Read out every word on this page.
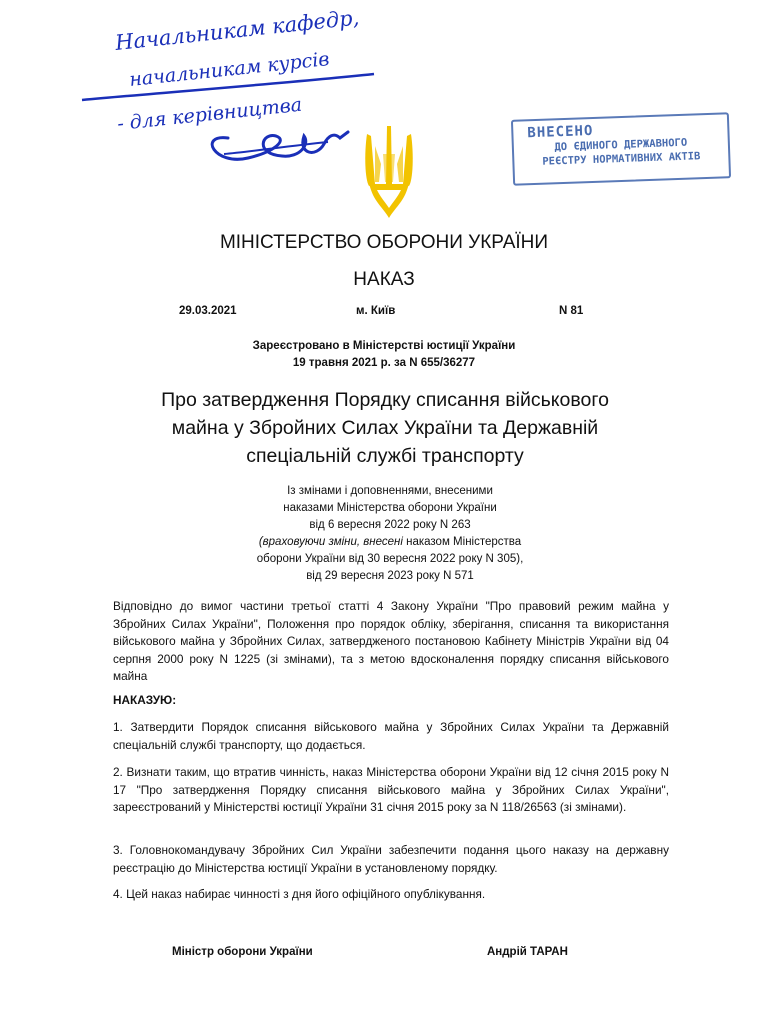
Начальникам кафедр,
начальникам курсів
- для керівництва	ВНЕСЕНО
ДО ЄДИНОГО ДЕРЖАВНОГО
РЕЄСТРУ НОРМАТИВНИХ АКТІВ
МІНІСТЕРСТВО ОБОРОНИ УКРАЇНИ
НАКАЗ
29.03.2021	м. Київ	N 81
Зареєстровано в Міністерстві юстиції України
19 травня 2021 р. за N 655/36277
Про затвердження Порядку списання військового
майна у Збройних Силах України та Державній
спеціальній службі транспорту
Із змінами і доповненнями, внесеними
наказами Міністерства оборони України
від 6 вересня 2022 року N 263
(враховуючи зміни, внесені наказом Міністерства
оборони України від 30 вересня 2022 року N 305),
від 29 вересня 2023 року N 571
Відповідно до вимог частини третьої статті 4 Закону України "Про правовий режим майна у Збройних Силах України", Положення про порядок обліку, зберігання, списання та використання військового майна у Збройних Силах, затвердженого постановою Кабінету Міністрів України від 04 серпня 2000 року N 1225 (зі змінами), та з метою вдосконалення порядку списання військового майна
НАКАЗУЮ:
1. Затвердити Порядок списання військового майна у Збройних Силах України та Державній спеціальній службі транспорту, що додається.
2. Визнати таким, що втратив чинність, наказ Міністерства оборони України від 12 січня 2015 року N 17 "Про затвердження Порядку списання військового майна у Збройних Силах України", зареєстрований у Міністерстві юстиції України 31 січня 2015 року за N 118/26563 (зі змінами).
3. Головнокомандувачу Збройних Сил України забезпечити подання цього наказу на державну реєстрацію до Міністерства юстиції України в установленому порядку.
4. Цей наказ набирає чинності з дня його офіційного опублікування.
Міністр оборони України	Андрій ТАРАН
